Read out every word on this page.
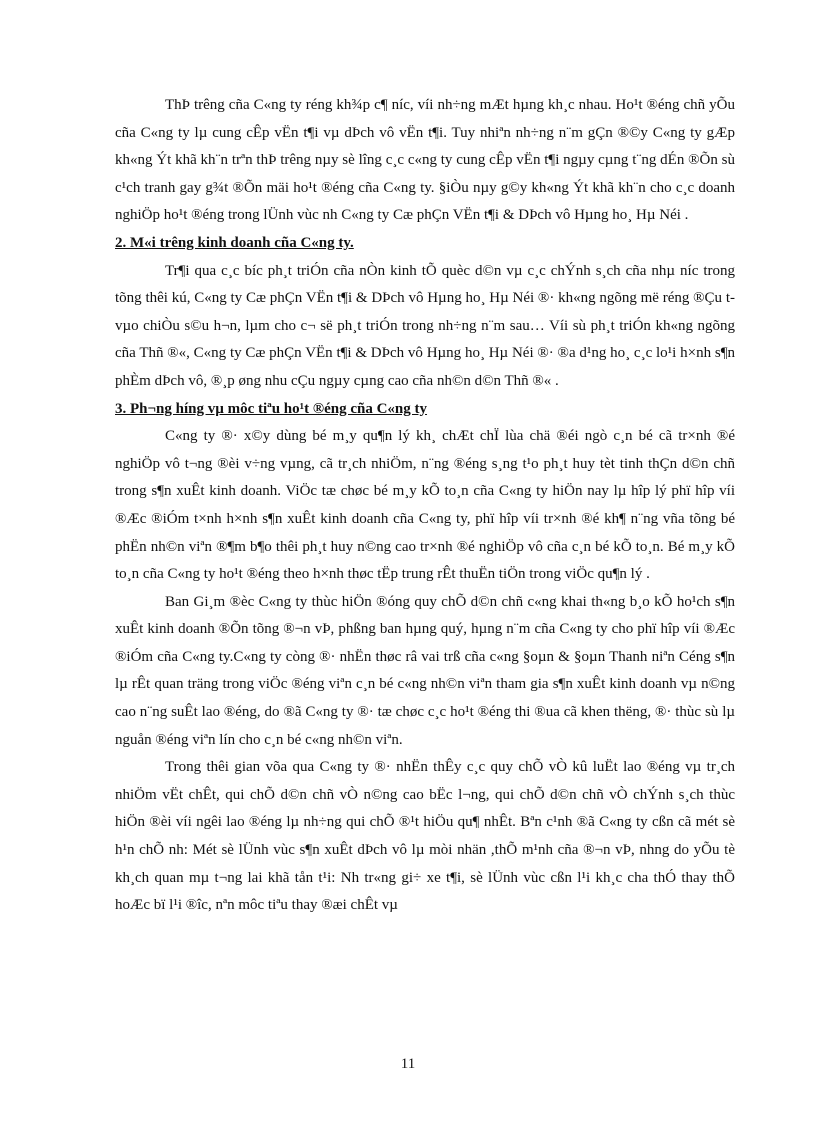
ThÞ trêng cña C«ng ty réng kh¾p c¶ níc, víi nh÷ng mÆt hµng kh¸c nhau. Ho¹t ®éng chñ yÕu cña C«ng ty lµ cung cÊp vËn t¶i vµ dÞch vô vËn t¶i. Tuy nhiªn nh÷ng n¨m gÇn ®©y C«ng ty gÆp kh«ng Ýt khã kh¨n trªn thÞ trêng nµy sè lîng c¸c c«ng ty cung cÊp vËn t¶i ngµy cµng t¨ng dÉn ®Õn sù c¹ch tranh gay g¾t ®Õn mäi ho¹t ®éng cña C«ng ty. §iÒu nµy g©y kh«ng Ýt khã kh¨n cho c¸c doanh nghiÖp ho¹t ®éng trong lÜnh vùc nh C«ng ty Cæ phÇn VËn t¶i & DÞch vô Hµng ho¸ Hµ Néi .

2. M«i trêng kinh doanh cña C«ng ty.

Tr¶i qua c¸c bíc ph¸t triÓn cña nÒn kinh tÕ quèc d©n vµ c¸c chÝnh s¸ch cña nhµ níc trong tõng thêi kú, C«ng ty Cæ phÇn VËn t¶i & DÞch vô Hµng ho¸ Hµ Néi ®· kh«ng ngõng më réng ®Çu t vµo chiÒu s©u h¬n, lµm cho c¬ së ph¸t triÓn trong nh÷ng n¨m sau… Víi sù ph¸t triÓn kh«ng ngõng cña Thñ ®«, C«ng ty Cæ phÇn VËn t¶i & DÞch vô Hµng ho¸ Hµ Néi ®· ®a d¹ng ho¸ c¸c lo¹i h×nh s¶n phÈm dÞch vô, ®¸p øng nhu cÇu ngµy cµng cao cña nh©n d©n Thñ ®« .

3. Ph¬ng híng vµ môc tiªu ho¹t ®éng cña C«ng ty

C«ng ty ®· x©y dùng bé m¸y qu¶n lý kh¸ chÆt chÏ lùa chä ®éi ngò c¸n bé cã tr×nh ®é nghiÖp vô t¬ng ®èi v÷ng vµng, cã tr¸ch nhiÖm, n¨ng ®éng s¸ng t¹o ph¸t huy tèt tinh thÇn d©n chñ trong s¶n xuÊt kinh doanh. ViÖc tæ chøc bé m¸y kÕ to¸n cña C«ng ty hiÖn nay lµ hîp lý phï hîp víi ®Æc ®iÓm t×nh h×nh s¶n xuÊt kinh doanh cña C«ng ty, phï hîp víi tr×nh ®é kh¶ n¨ng vña tõng bé phËn nh©n viªn ®¶m b¶o thêi ph¸t huy n©ng cao tr×nh ®é nghiÖp vô cña c¸n bé kÕ to¸n. Bé m¸y kÕ to¸n cña C«ng ty ho¹t ®éng theo h×nh thøc tËp trung rÊt thuËn tiÖn trong viÖc qu¶n lý .

Ban Gi¸m ®èc C«ng ty thùc hiÖn ®óng quy chÕ d©n chñ c«ng khai th«ng b¸o kÕ ho¹ch s¶n xuÊt kinh doanh ®Õn tõng ®¬n vÞ, phßng ban hµng quý, hµng n¨m cña C«ng ty cho phï hîp víi ®Æc ®iÓm cña C«ng ty.C«ng ty còng ®· nhËn thøc râ vai trß cña c«ng §oµn & §oµn Thanh niªn Céng s¶n lµ rÊt quan träng trong viÖc ®éng viªn c¸n bé c«ng nh©n viªn tham gia s¶n xuÊt kinh doanh vµ n©ng cao n¨ng suÊt lao ®éng, do ®ã C«ng ty ®· tæ chøc c¸c ho¹t ®éng thi ®ua cã khen thëng, ®· thùc sù lµ nguån ®éng viªn lín cho c¸n bé c«ng nh©n viªn.

Trong thêi gian võa qua C«ng ty ®· nhËn thÊy c¸c quy chÕ vÒ kû luËt lao ®éng vµ tr¸ch nhiÖm vËt chÊt, qui chÕ d©n chñ vÒ n©ng cao bËc l¬ng, qui chÕ d©n chñ vÒ chÝnh s¸ch thùc hiÖn ®èi víi ngêi lao ®éng lµ nh÷ng qui chÕ ®¹t hiÖu qu¶ nhÊt. Bªn c¹nh ®ã C«ng ty cßn cã mét sè h¹n chÕ nh: Mét sè lÜnh vùc s¶n xuÊt dÞch vô lµ mòi nhän ,thÕ m¹nh cña ®¬n vÞ, nhng do yÕu tè kh¸ch quan mµ t¬ng lai khã tån t¹i: Nh tr«ng gi÷ xe t¶i, sè lÜnh vùc cßn l¹i kh¸c cha thÓ thay thÕ hoÆc bï l¹i ®îc, nªn môc tiªu thay ®æi chÊt vµ

11
